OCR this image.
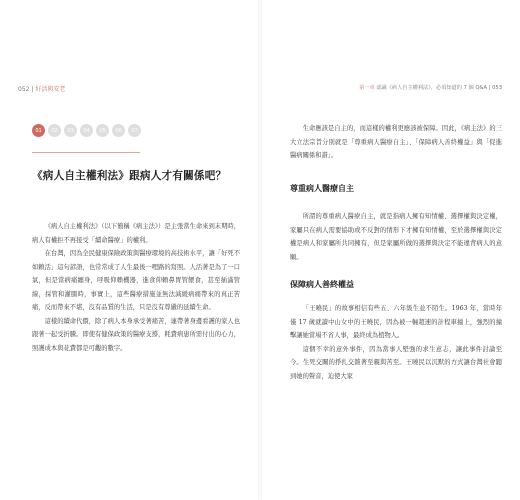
052 | 好活與安老
01	02	03	04	05	06	07
《病人自主權利法》跟病人才有關係吧？

《病人自主權利法》（以下簡稱《病主法》）是主張當生命來到末期時，病人有權拒不再接受「續命醫療」的權利。

在台灣，因為全民健康保險政策與醫療環境的高技術水平，讓「好死不如賴活」這句諺語，也常常成了人生最後一哩路的寫照。人活著是為了一口氣，但是當病痛纏身，呼吸仰賴機器，進食仰賴鼻胃管餵食，甚至插滿管線，採管和灌腸時，事實上，這些醫療措施並無法減緩病痛帶來的真正苦痛，反而帶來不堪，沒有品質的生活，只是沒有尊嚴的延續生命。

這樣的續命代價，除了病人本身承受著痛苦，連帶著身邊看護的家人也跟著一起受折騰。即使有健保政策的醫療支撐，耗費病患所需付出的心力，照護成本與花費都是可觀的數字。

第一章 認識《病人自主權利法》，必須知道的 7 個 Q&A | 053

生命應該是自主的，而這樣的權利更應該被保障。因此，《病主法》的三大立法宗旨分別就是「尊重病人醫療自主」、「保障病人善終權益」與「促進醫病關係和諧」。

尊重病人醫療自主

所謂的尊重病人醫療自主，就是指病人擁有知情權、選擇權與決定權，家屬只在病人需要協助或不反對的情形下才擁有知情權，至於選擇權與決定權是病人和家屬所共同擁有，但是家屬所做的選擇與決定不能違背病人的意願。

保障病人善終權益

「王曉民」的故事相信有些五、六年級生並不陌生。1963 年，當時年僅 17 歲就讀中山女中的王曉民，因為被一輛超速的計程車撞上，強烈的撞擊讓她當場不省人事，最終成為植物人。

這個不幸的意外事件，因為當事人堅強的求生意志，讓此事件討論至今。生死交關的掙扎交雜著至親與苦至。王曉民以沉默的方式讓台灣社會聽到她的聲音，迫使大家
